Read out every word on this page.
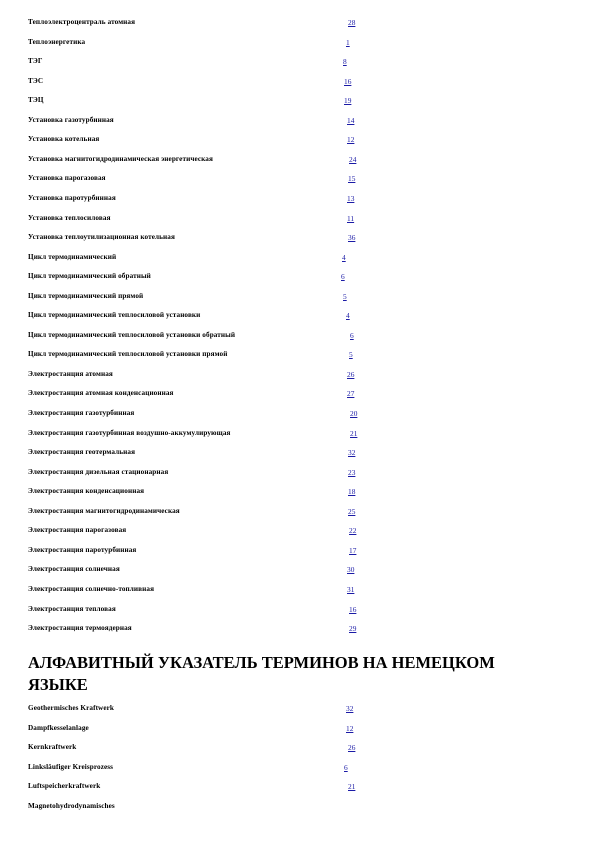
Теплоэлектроцентраль атомная	28
Теплоэнергетика	1
ТЭГ	8
ТЭС	16
ТЭЦ	19
Установка газотурбинная	14
Установка котельная	12
Установка магнитогидродинамическая энергетическая	24
Установка парогазовая	15
Установка паротурбинная	13
Установка теплосиловая	11
Установка теплоутилизационная котельная	36
Цикл термодинамический	4
Цикл термодинамический обратный	6
Цикл термодинамический прямой	5
Цикл термодинамический теплосиловой установки	4
Цикл термодинамический теплосиловой установки обратный	6
Цикл термодинамический теплосиловой установки прямой	5
Электростанция атомная	26
Электростанция атомная конденсационная	27
Электростанция газотурбинная	20
Электростанция газотурбинная воздушно-аккумулирующая	21
Электростанция геотермальная	32
Электростанция дизельная стационарная	23
Электростанция конденсационная	18
Электростанция магнитогидродинамическая	25
Электростанция парогазовая	22
Электростанция паротурбинная	17
Электростанция солнечная	30
Электростанция солнечно-топливная	31
Электростанция тепловая	16
Электростанция термоядерная	29
АЛФАВИТНЫЙ УКАЗАТЕЛЬ ТЕРМИНОВ НА НЕМЕЦКОМ ЯЗЫКЕ
Geothermisches Kraftwerk	32
Dampfkesselanlage	12
Kernkraftwerk	26
Linksläufiger Kreisprozess	6
Luftspeicherkraftwerk	21
Magnetohydrodynamisches
